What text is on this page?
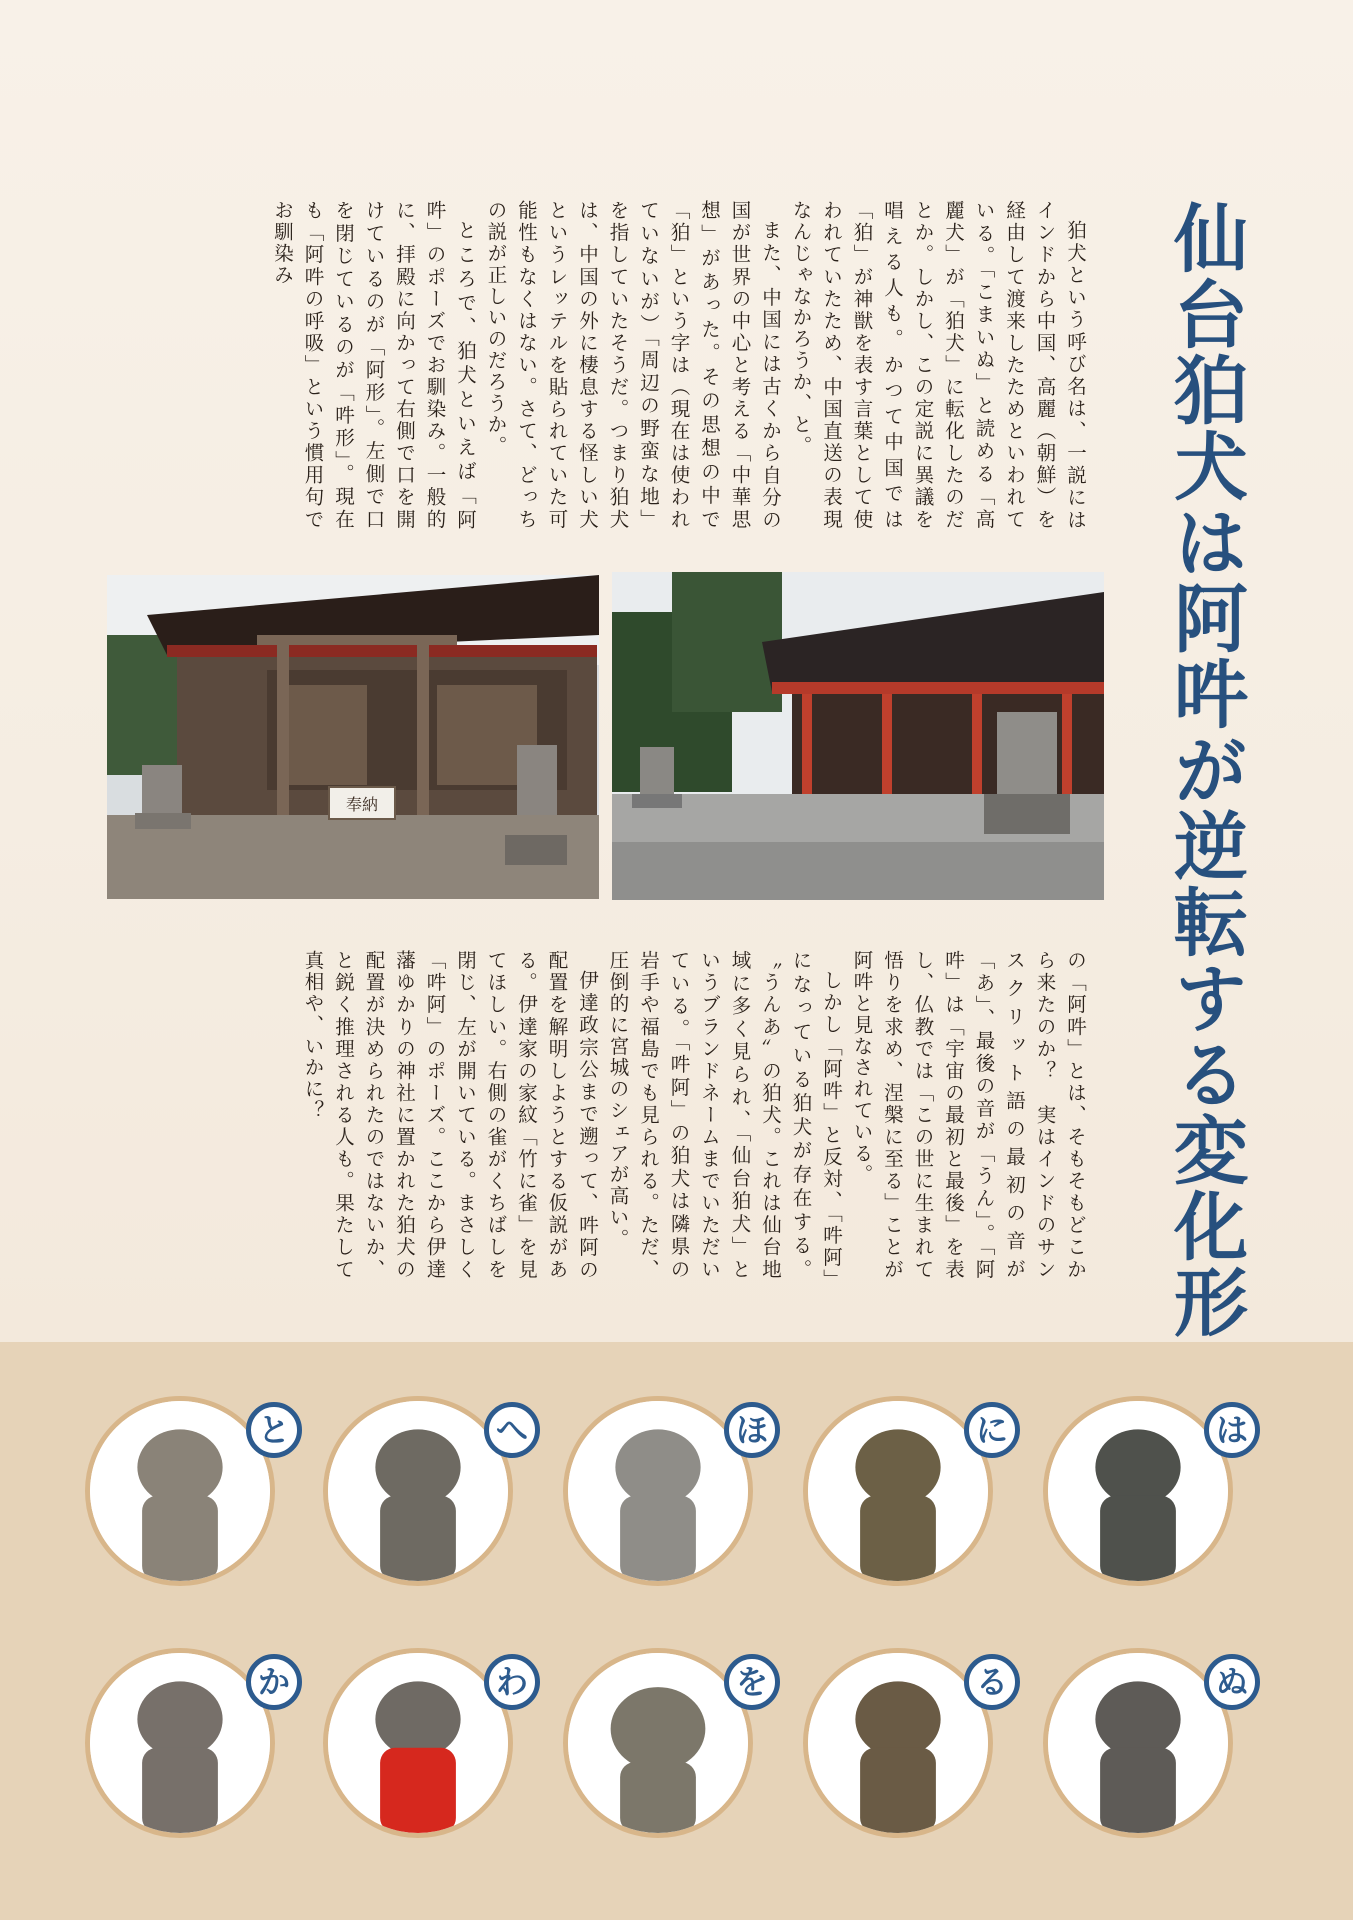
仙台狛犬は阿吽が逆転する変化形

狛犬という呼び名は、一説にはインドから中国、高麗（朝鮮）を経由して渡来したためといわれている。「こまいぬ」と読める「高麗犬」が「狛犬」に転化したのだとか。しかし、この定説に異議を唱える人も。かつて中国では「狛」が神獣を表す言葉として使われていたため、中国直送の表現なんじゃなかろうか、と。

また、中国には古くから自分の国が世界の中心と考える「中華思想」があった。その思想の中で「狛」という字は（現在は使われていないが）「周辺の野蛮な地」を指していたそうだ。つまり狛犬は、中国の外に棲息する怪しい犬というレッテルを貼られていた可能性もなくはない。さて、どっちの説が正しいのだろうか。

ところで、狛犬といえば「阿吽」のポーズでお馴染み。一般的に、拝殿に向かって右側で口を開けているのが「阿形」。左側で口を閉じているのが「吽形」。現在も「阿吽の呼吸」という慣用句でお馴染み

奉納

の「阿吽」とは、そもそもどこから来たのか？　実はインドのサンスクリット語の最初の音が「あ」、最後の音が「うん」。「阿吽」は「宇宙の最初と最後」を表し、仏教では「この世に生まれて悟りを求め、涅槃に至る」ことが阿吽と見なされている。

しかし「阿吽」と反対、「吽阿」になっている狛犬が存在する。〝うんあ〟の狛犬。これは仙台地域に多く見られ、「仙台狛犬」というブランドネームまでいただいている。「吽阿」の狛犬は隣県の岩手や福島でも見られる。ただ、圧倒的に宮城のシェアが高い。

伊達政宗公まで遡って、吽阿の配置を解明しようとする仮説がある。伊達家の家紋「竹に雀」を見てほしい。右側の雀がくちばしを閉じ、左が開いている。まさしく「吽阿」のポーズ。ここから伊達藩ゆかりの神社に置かれた狛犬の配置が決められたのではないか、と鋭く推理される人も。果たして真相や、いかに？

と	へ	ほ	に	は
か	わ	を	る	ぬ
